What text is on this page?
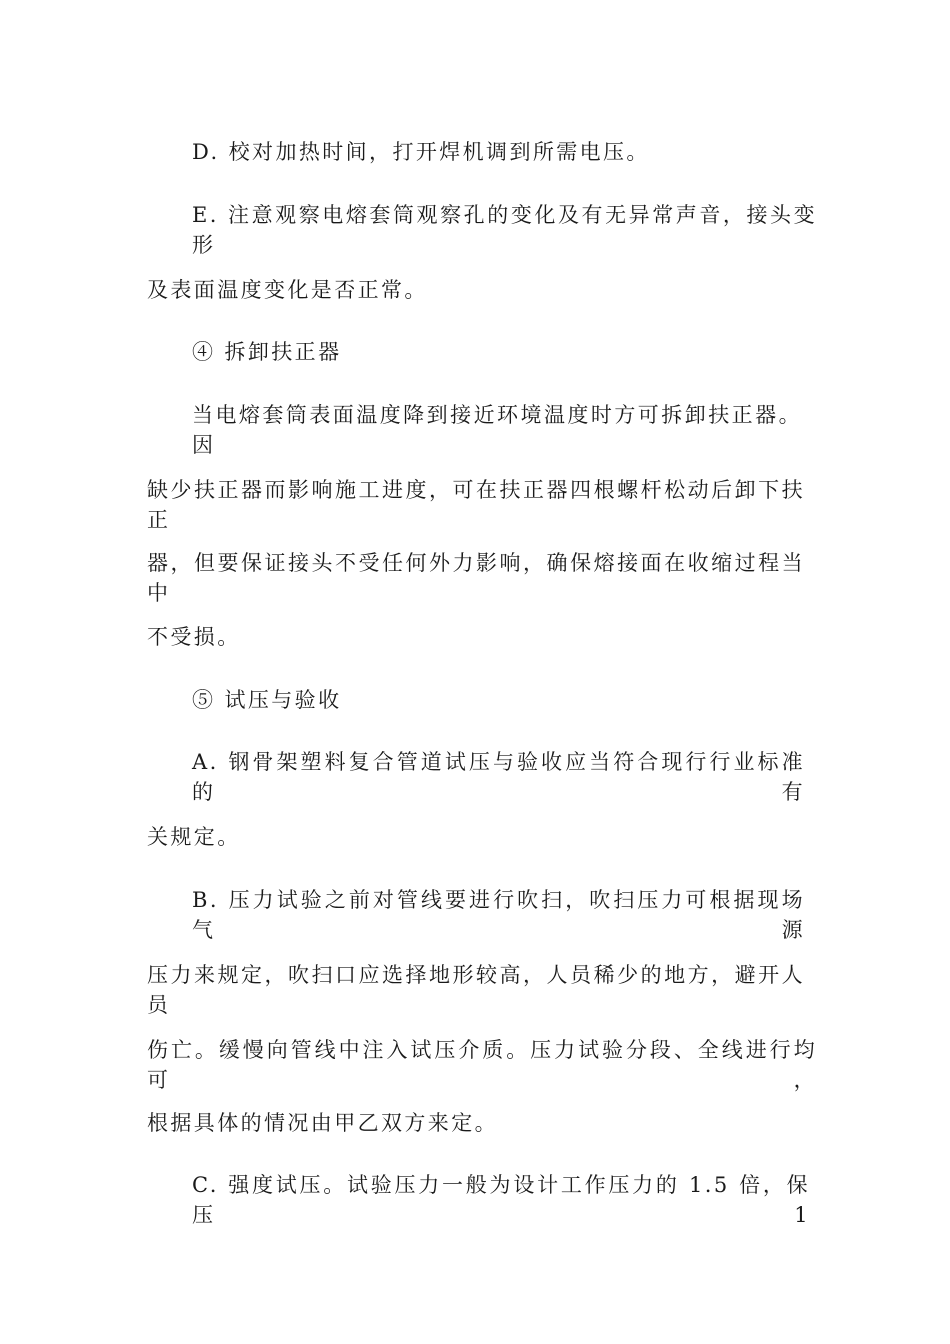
D. 校对加热时间，打开焊机调到所需电压。
E. 注意观察电熔套筒观察孔的变化及有无异常声音，接头变形
及表面温度变化是否正常。
④ 拆卸扶正器
当电熔套筒表面温度降到接近环境温度时方可拆卸扶正器。因
缺少扶正器而影响施工进度，可在扶正器四根螺杆松动后卸下扶正
器，但要保证接头不受任何外力影响，确保熔接面在收缩过程当中
不受损。
⑤ 试压与验收
A. 钢骨架塑料复合管道试压与验收应当符合现行行业标准的有
关规定。
B. 压力试验之前对管线要进行吹扫，吹扫压力可根据现场气源
压力来规定，吹扫口应选择地形较高，人员稀少的地方，避开人员
伤亡。缓慢向管线中注入试压介质。压力试验分段、全线进行均可，
根据具体的情况由甲乙双方来定。
C. 强度试压。试验压力一般为设计工作压力的 1.5 倍，保压 1
